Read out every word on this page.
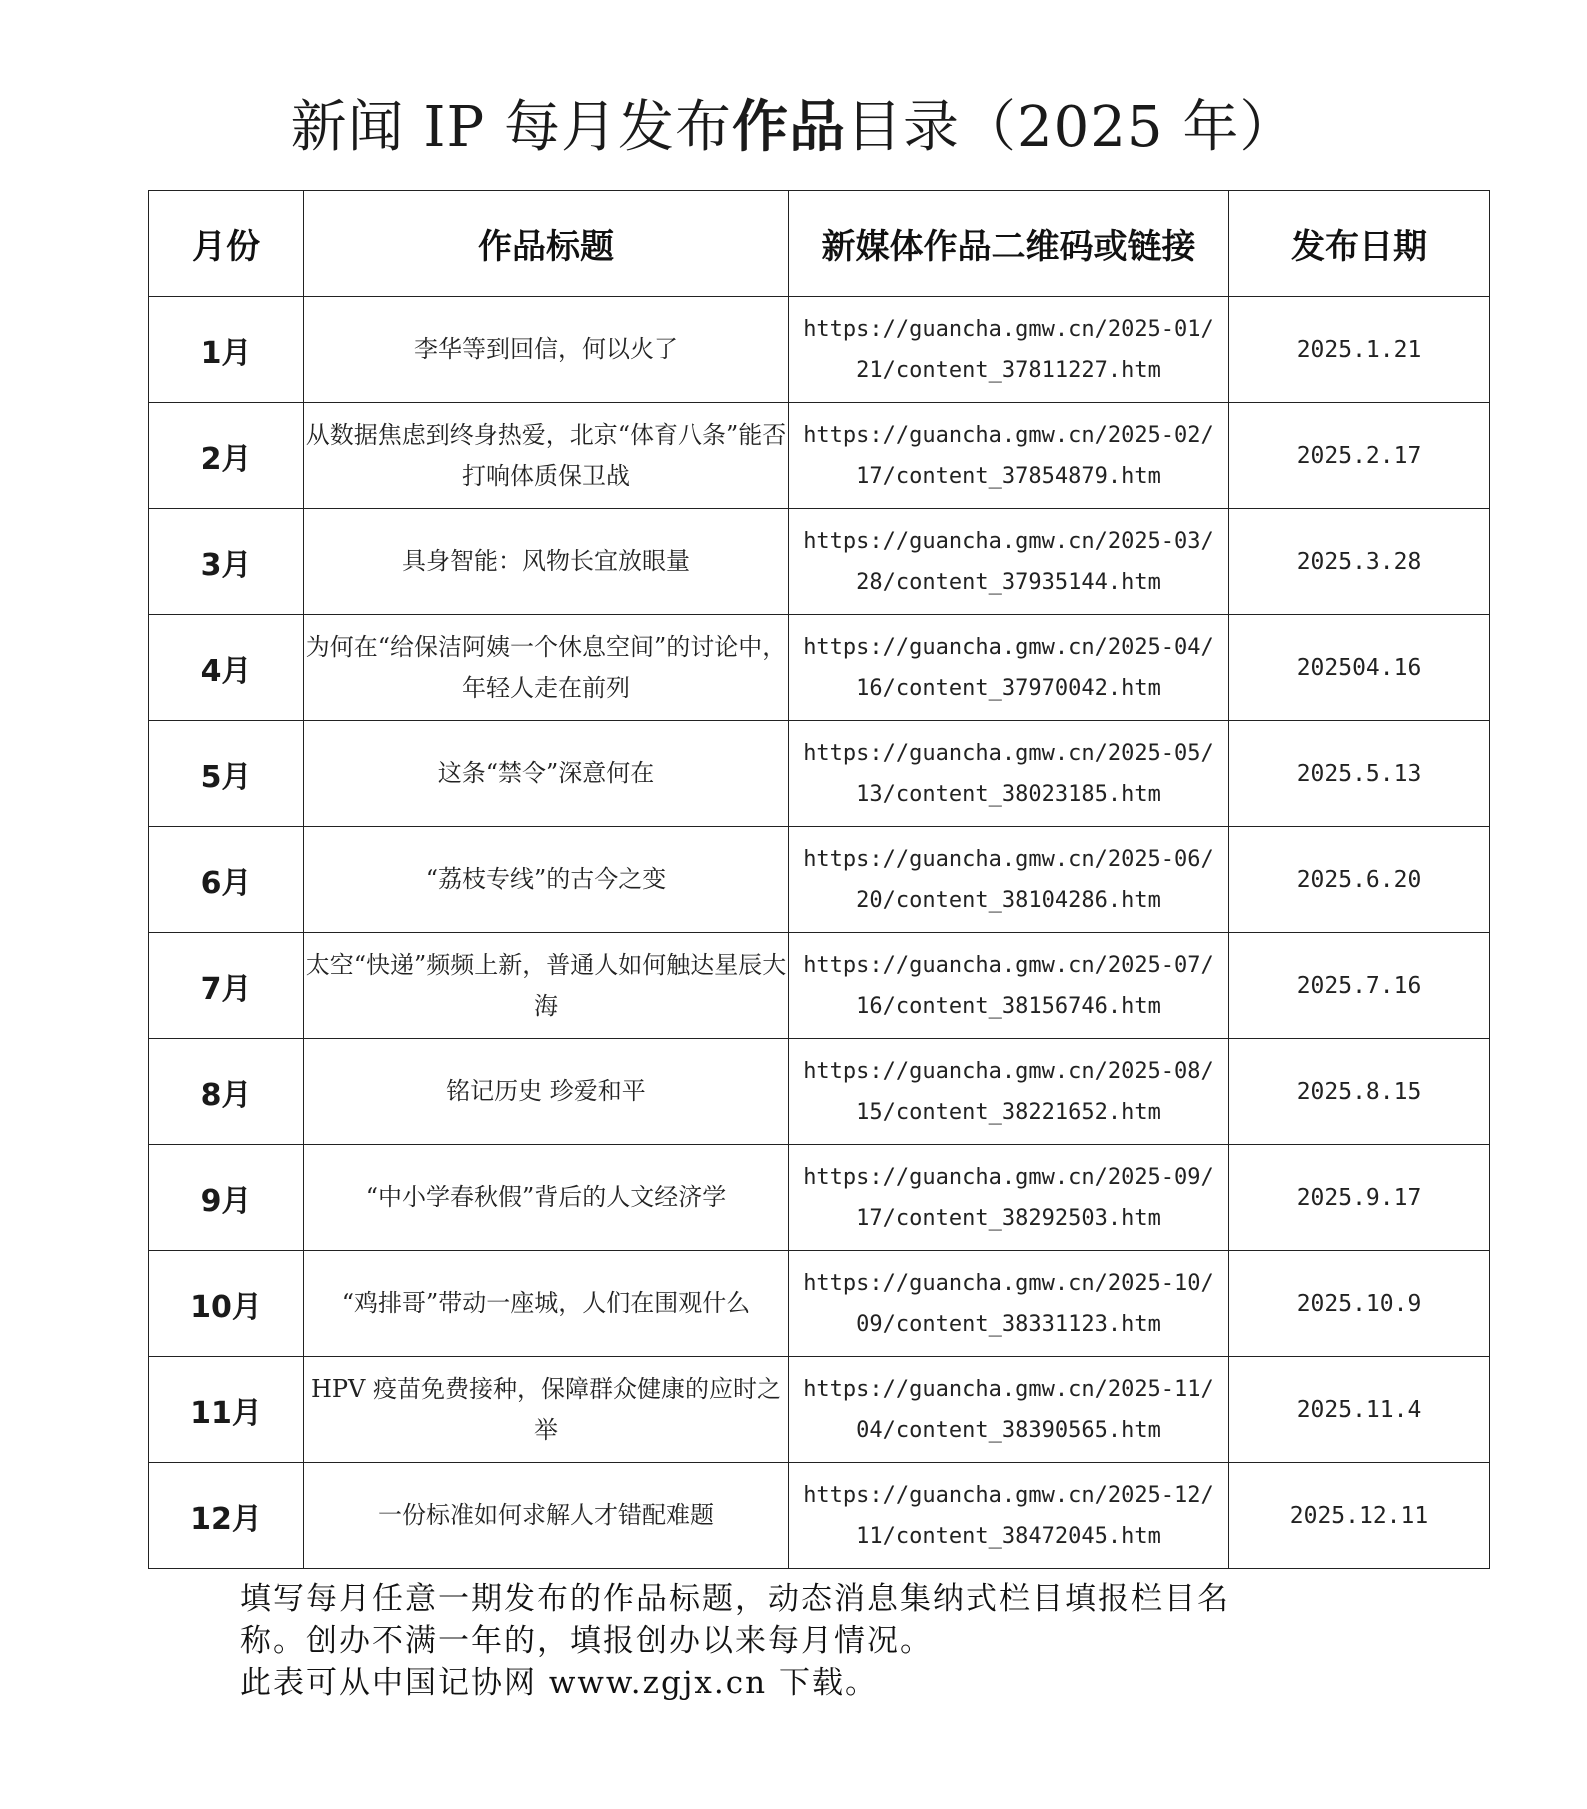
新闻 IP 每月发布作品目录（2025 年）
月份	作品标题	新媒体作品二维码或链接	发布日期
1月	李华等到回信，何以火了	https://guancha.gmw.cn/2025-01/
21/content_37811227.htm	2025.1.21
2月	从数据焦虑到终身热爱，北京“体育八条”能否打响体质保卫战	https://guancha.gmw.cn/2025-02/
17/content_37854879.htm	2025.2.17
3月	具身智能：风物长宜放眼量	https://guancha.gmw.cn/2025-03/
28/content_37935144.htm	2025.3.28
4月	为何在“给保洁阿姨一个休息空间”的讨论中，年轻人走在前列	https://guancha.gmw.cn/2025-04/
16/content_37970042.htm	202504.16
5月	这条“禁令”深意何在	https://guancha.gmw.cn/2025-05/
13/content_38023185.htm	2025.5.13
6月	“荔枝专线”的古今之变	https://guancha.gmw.cn/2025-06/
20/content_38104286.htm	2025.6.20
7月	太空“快递”频频上新，普通人如何触达星辰大海	https://guancha.gmw.cn/2025-07/
16/content_38156746.htm	2025.7.16
8月	铭记历史 珍爱和平	https://guancha.gmw.cn/2025-08/
15/content_38221652.htm	2025.8.15
9月	“中小学春秋假”背后的人文经济学	https://guancha.gmw.cn/2025-09/
17/content_38292503.htm	2025.9.17
10月	“鸡排哥”带动一座城，人们在围观什么	https://guancha.gmw.cn/2025-10/
09/content_38331123.htm	2025.10.9
11月	HPV 疫苗免费接种，保障群众健康的应时之举	https://guancha.gmw.cn/2025-11/
04/content_38390565.htm	2025.11.4
12月	一份标准如何求解人才错配难题	https://guancha.gmw.cn/2025-12/
11/content_38472045.htm	2025.12.11
填写每月任意一期发布的作品标题，动态消息集纳式栏目填报栏目名
称。创办不满一年的，填报创办以来每月情况。
此表可从中国记协网 www.zgjx.cn 下载。
